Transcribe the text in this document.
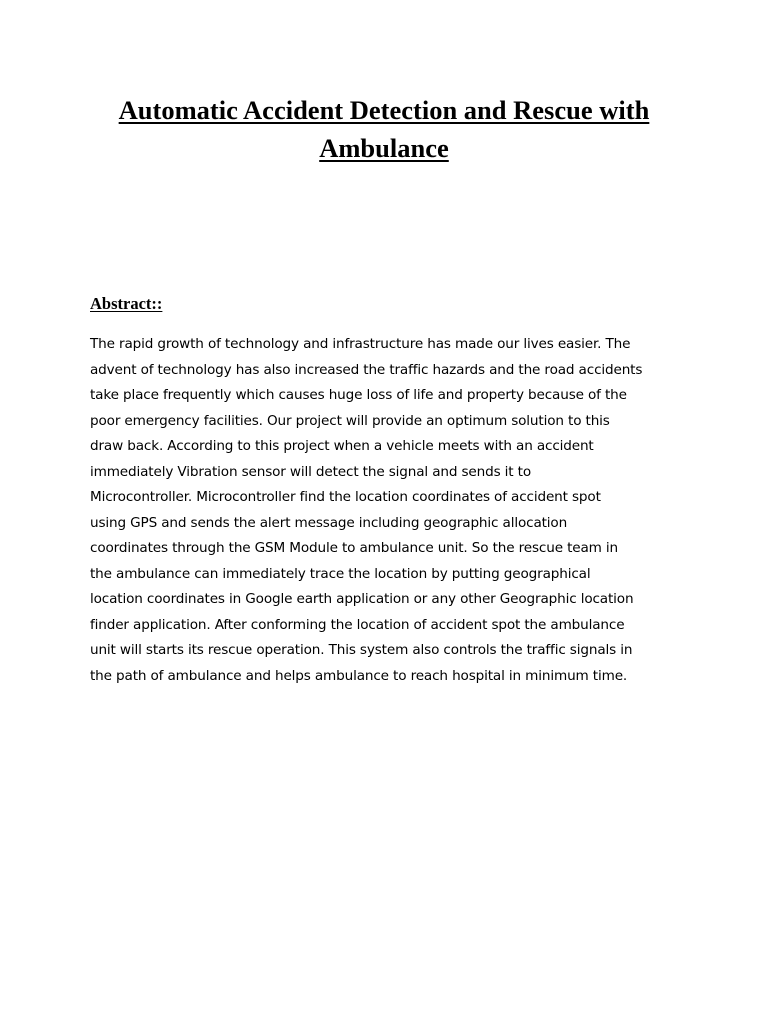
Automatic Accident Detection and Rescue with
Ambulance
Abstract::

The rapid growth of technology and infrastructure has made our lives easier. The
advent of technology has also increased the traffic hazards and the road accidents
take place frequently which causes huge loss of life and property because of the
poor emergency facilities. Our project will provide an optimum solution to this
draw back. According to this project when a vehicle meets with an accident
immediately Vibration sensor will detect the signal and sends it to
Microcontroller. Microcontroller find the location coordinates of accident spot
using GPS and sends the alert message including geographic allocation
coordinates through the GSM Module to ambulance unit. So the rescue team in
the ambulance can immediately trace the location by putting geographical
location coordinates in Google earth application or any other Geographic location
finder application. After conforming the location of accident spot the ambulance
unit will starts its rescue operation. This system also controls the traffic signals in
the path of ambulance and helps ambulance to reach hospital in minimum time.
